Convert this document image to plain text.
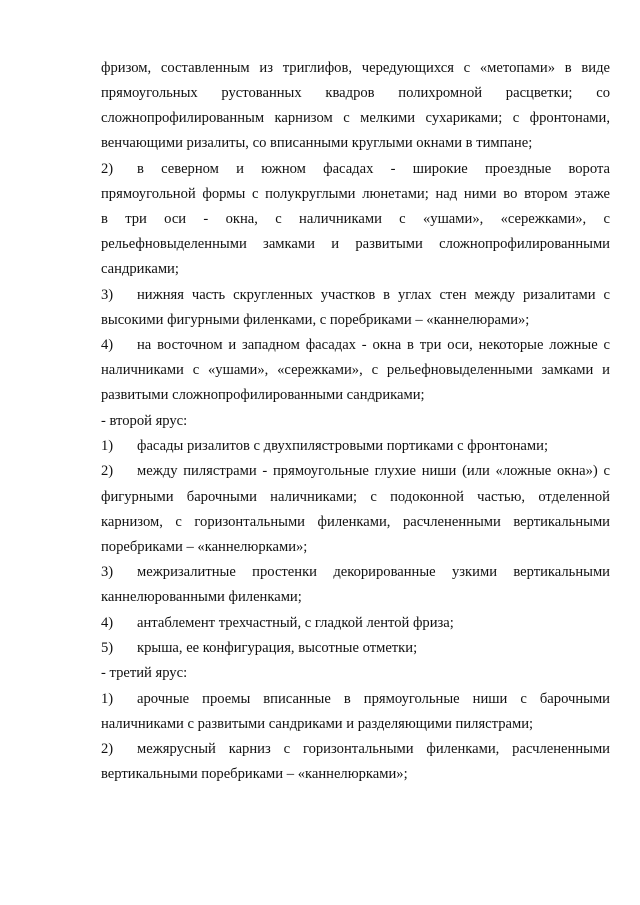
фризом, составленным из триглифов, чередующихся с «метопами» в виде
прямоугольных рустованных квадров полихромной расцветки; со
сложнопрофилированным карнизом с мелкими сухариками; с фронтонами,
венчающими ризалиты, со вписанными круглыми окнами в тимпане;
2) в северном и южном фасадах - широкие проездные ворота
прямоугольной формы с полукруглыми люнетами; над ними во втором этаже
в три оси - окна, с наличниками с «ушами», «сережками», с
рельефновыделенными замками и развитыми сложнопрофилированными
сандриками;
3) нижняя часть скругленных участков в углах стен между ризалитами с
высокими фигурными филенками, с поребриками – «каннелюрами»;
4) на восточном и западном фасадах - окна в три оси, некоторые ложные с
наличниками с «ушами», «сережками», с рельефновыделенными замками и
развитыми сложнопрофилированными сандриками;
- второй ярус:
1) фасады ризалитов с двухпилястровыми портиками с фронтонами;
2) между пилястрами - прямоугольные глухие ниши (или «ложные окна») с
фигурными барочными наличниками; с подоконной частью, отделенной
карнизом, с горизонтальными филенками, расчлененными вертикальными
поребриками – «каннелюрками»;
3) межризалитные простенки декорированные узкими вертикальными
каннелюрованными филенками;
4) антаблемент трехчастный, с гладкой лентой фриза;
5) крыша, ее конфигурация, высотные отметки;
- третий ярус:
1) арочные проемы вписанные в прямоугольные ниши с барочными
наличниками с развитыми сандриками и разделяющими пилястрами;
2) межярусный карниз с горизонтальными филенками, расчлененными
вертикальными поребриками – «каннелюрками»;
